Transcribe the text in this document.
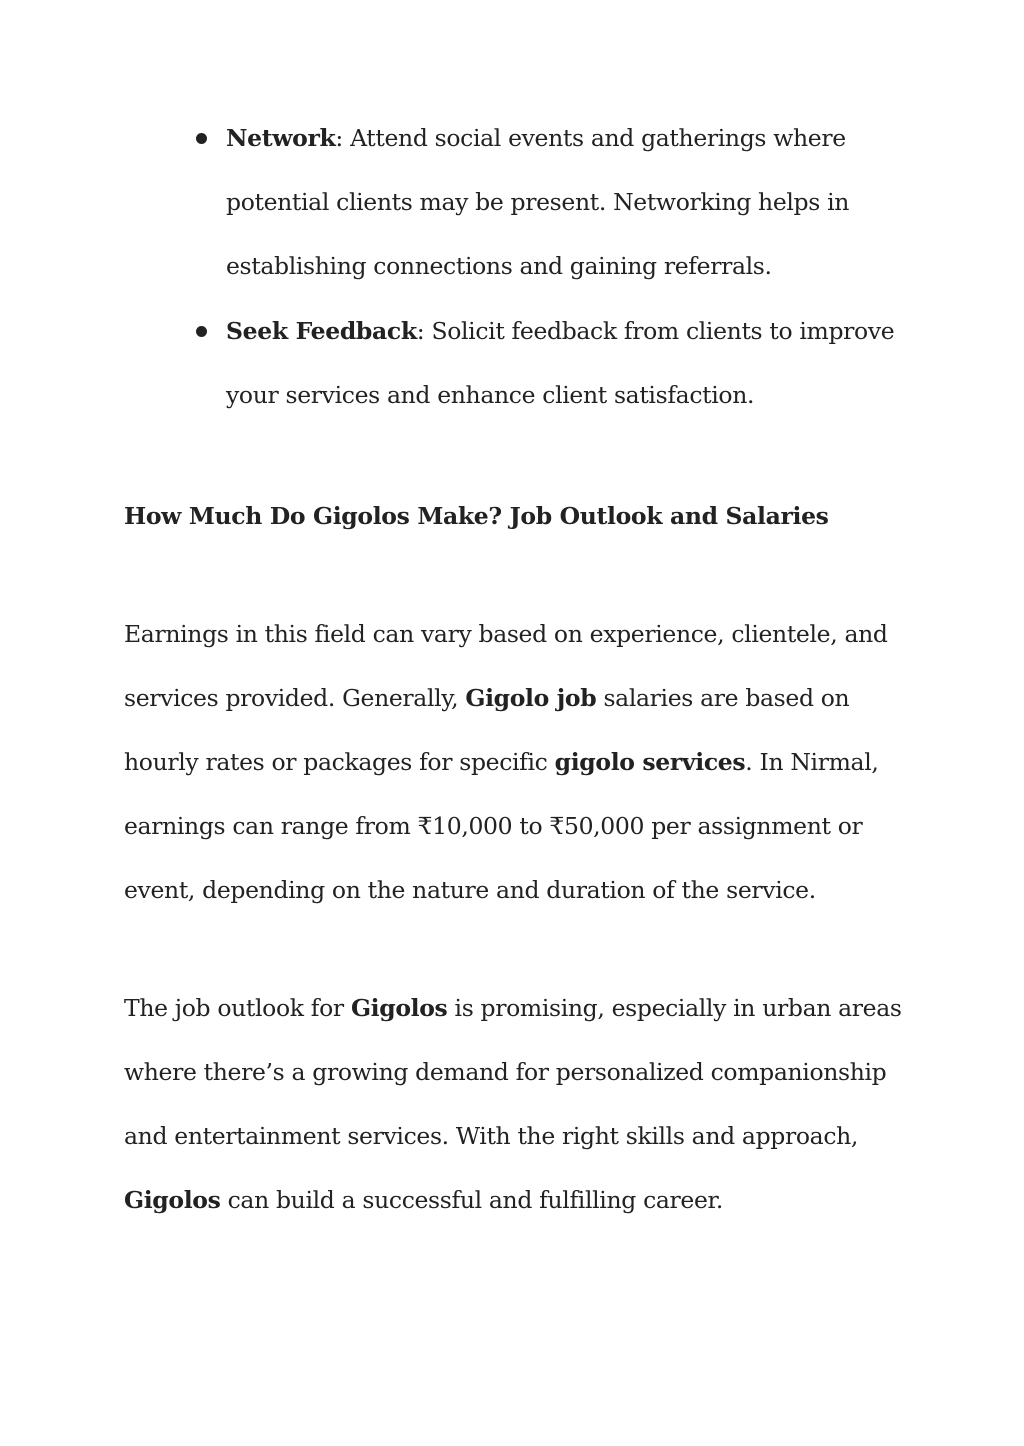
Network: Attend social events and gatherings where potential clients may be present. Networking helps in establishing connections and gaining referrals.
Seek Feedback: Solicit feedback from clients to improve your services and enhance client satisfaction.
How Much Do Gigolos Make? Job Outlook and Salaries

Earnings in this field can vary based on experience, clientele, and services provided. Generally, Gigolo job salaries are based on hourly rates or packages for specific gigolo services. In Nirmal, earnings can range from ₹10,000 to ₹50,000 per assignment or event, depending on the nature and duration of the service.

The job outlook for Gigolos is promising, especially in urban areas where there’s a growing demand for personalized companionship and entertainment services. With the right skills and approach, Gigolos can build a successful and fulfilling career.
